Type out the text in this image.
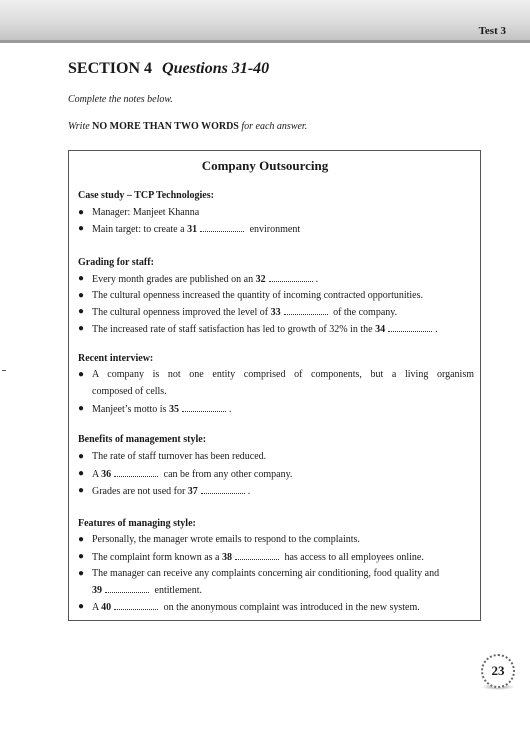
Test 3
SECTION 4 Questions 31-40
Complete the notes below.
Write NO MORE THAN TWO WORDS for each answer.
Company Outsourcing
Case study – TCP Technologies:
● Manager: Manjeet Khanna
● Main target: to create a 31	environment
Grading for staff:
● Every month grades are published on an 32	.
● The cultural openness increased the quantity of incoming contracted opportunities.
● The cultural openness improved the level of 33	of the company.
● The increased rate of staff satisfaction has led to growth of 32% in the 34	.
Recent interview:
● A company is not one entity comprised of components, but a living organism
composed of cells.
● Manjeet’s motto is 35	.
Benefits of management style:
● The rate of staff turnover has been reduced.
● A 36	can be from any other company.
● Grades are not used for 37	.
Features of managing style:
● Personally, the manager wrote emails to respond to the complaints.
● The complaint form known as a 38	has access to all employees online.
● The manager can receive any complaints concerning air conditioning, food quality and
39	entitlement.
● A 40	on the anonymous complaint was introduced in the new system.
23
